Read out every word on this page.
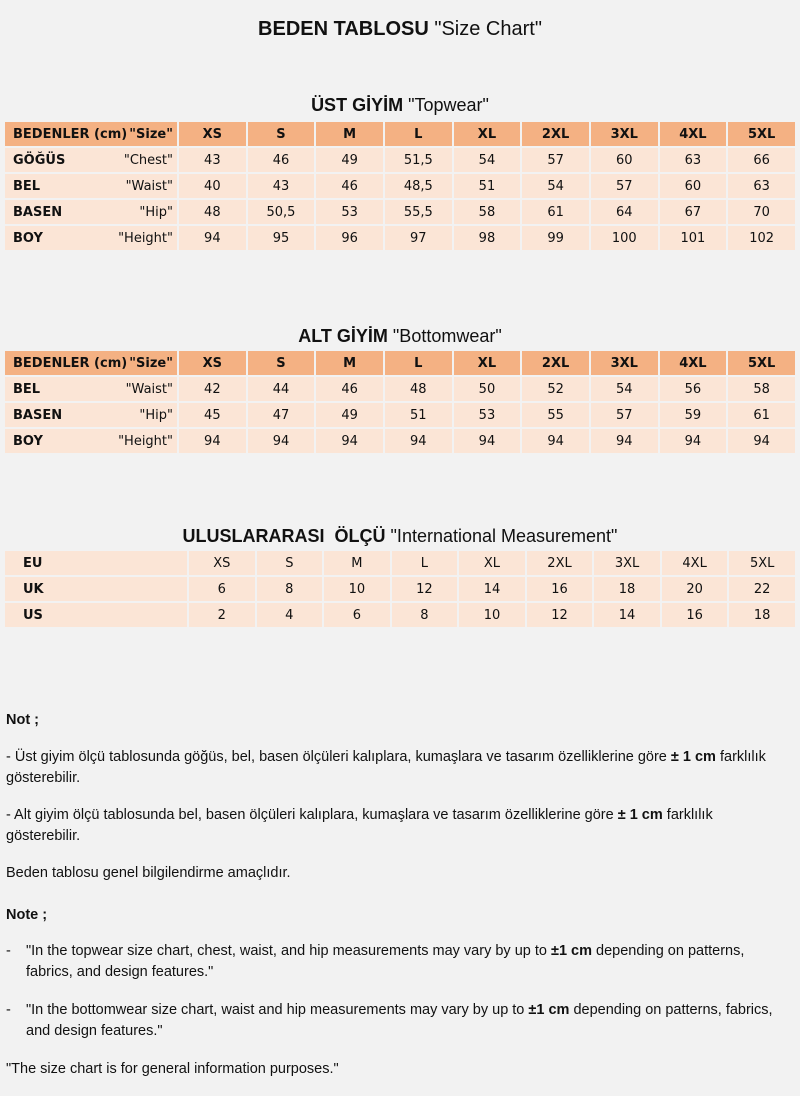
BEDEN TABLOSU "Size Chart"
ÜST GİYİM "Topwear"
BEDENLER (cm) "Size"	XS	S	M	L	XL	2XL	3XL	4XL	5XL
GÖĞÜS "Chest"	43	46	49	51,5	54	57	60	63	66
BEL "Waist"	40	43	46	48,5	51	54	57	60	63
BASEN "Hip"	48	50,5	53	55,5	58	61	64	67	70
BOY "Height"	94	95	96	97	98	99	100	101	102
ALT GİYİM "Bottomwear"
BEDENLER (cm) "Size"	XS	S	M	L	XL	2XL	3XL	4XL	5XL
BEL "Waist"	42	44	46	48	50	52	54	56	58
BASEN "Hip"	45	47	49	51	53	55	57	59	61
BOY "Height"	94	94	94	94	94	94	94	94	94
ULUSLARARASI  ÖLÇÜ "International Measurement"
EU	XS	S	M	L	XL	2XL	3XL	4XL	5XL
UK	6	8	10	12	14	16	18	20	22
US	2	4	6	8	10	12	14	16	18

Not ;

- Üst giyim ölçü tablosunda göğüs, bel, basen ölçüleri kalıplara, kumaşlara ve tasarım özelliklerine göre ± 1 cm farklılık gösterebilir.

- Alt giyim ölçü tablosunda bel, basen ölçüleri kalıplara, kumaşlara ve tasarım özelliklerine göre ± 1 cm farklılık gösterebilir.

Beden tablosu genel bilgilendirme amaçlıdır.

Note ;

-	"In the topwear size chart, chest, waist, and hip measurements may vary by up to ±1 cm depending on patterns, fabrics, and design features."
-	"In the bottomwear size chart, waist and hip measurements may vary by up to ±1 cm depending on patterns, fabrics, and design features."

"The size chart is for general information purposes."
